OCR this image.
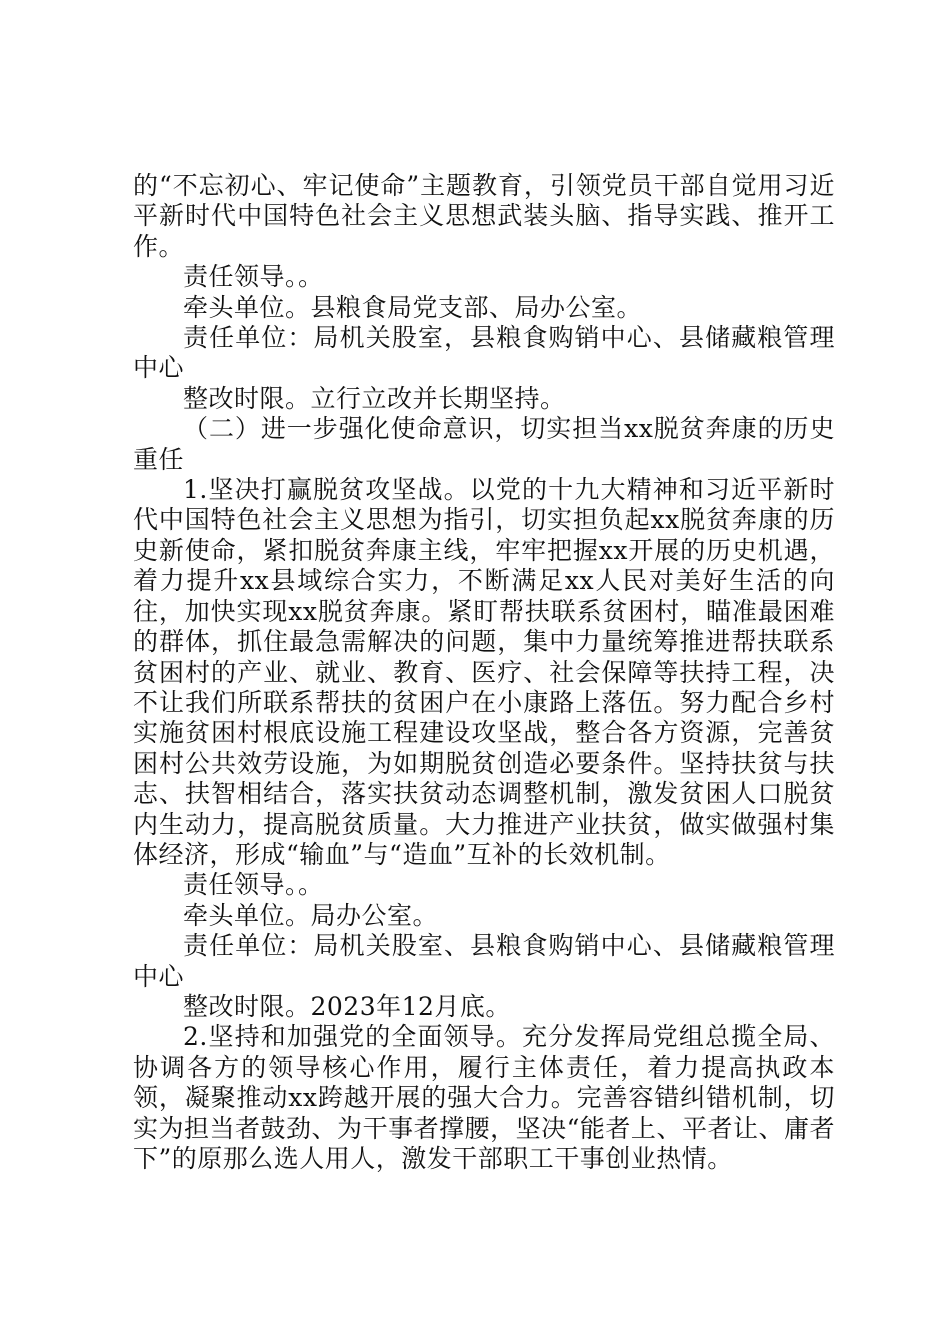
的“不忘初心、牢记使命”主题教育，引领党员干部自觉用习近平新时代中国特色社会主义思想武装头脑、指导实践、推开工作。

责任领导。。

牵头单位。县粮食局党支部、局办公室。

责任单位：局机关股室，县粮食购销中心、县储藏粮管理中心

整改时限。立行立改并长期坚持。

（二）进一步强化使命意识，切实担当xx脱贫奔康的历史重任

1.坚决打赢脱贫攻坚战。以党的十九大精神和习近平新时代中国特色社会主义思想为指引，切实担负起xx脱贫奔康的历史新使命，紧扣脱贫奔康主线，牢牢把握xx开展的历史机遇，着力提升xx县域综合实力，不断满足xx人民对美好生活的向往，加快实现xx脱贫奔康。紧盯帮扶联系贫困村，瞄准最困难的群体，抓住最急需解决的问题，集中力量统筹推进帮扶联系贫困村的产业、就业、教育、医疗、社会保障等扶持工程，决不让我们所联系帮扶的贫困户在小康路上落伍。努力配合乡村实施贫困村根底设施工程建设攻坚战，整合各方资源，完善贫困村公共效劳设施，为如期脱贫创造必要条件。坚持扶贫与扶志、扶智相结合，落实扶贫动态调整机制，激发贫困人口脱贫内生动力，提高脱贫质量。大力推进产业扶贫，做实做强村集体经济，形成“输血”与“造血”互补的长效机制。

责任领导。。

牵头单位。局办公室。

责任单位：局机关股室、县粮食购销中心、县储藏粮管理中心

整改时限。2023年12月底。

2.坚持和加强党的全面领导。充分发挥局党组总揽全局、协调各方的领导核心作用，履行主体责任，着力提高执政本领，凝聚推动xx跨越开展的强大合力。完善容错纠错机制，切实为担当者鼓劲、为干事者撑腰，坚决“能者上、平者让、庸者下”的原那么选人用人，激发干部职工干事创业热情。
